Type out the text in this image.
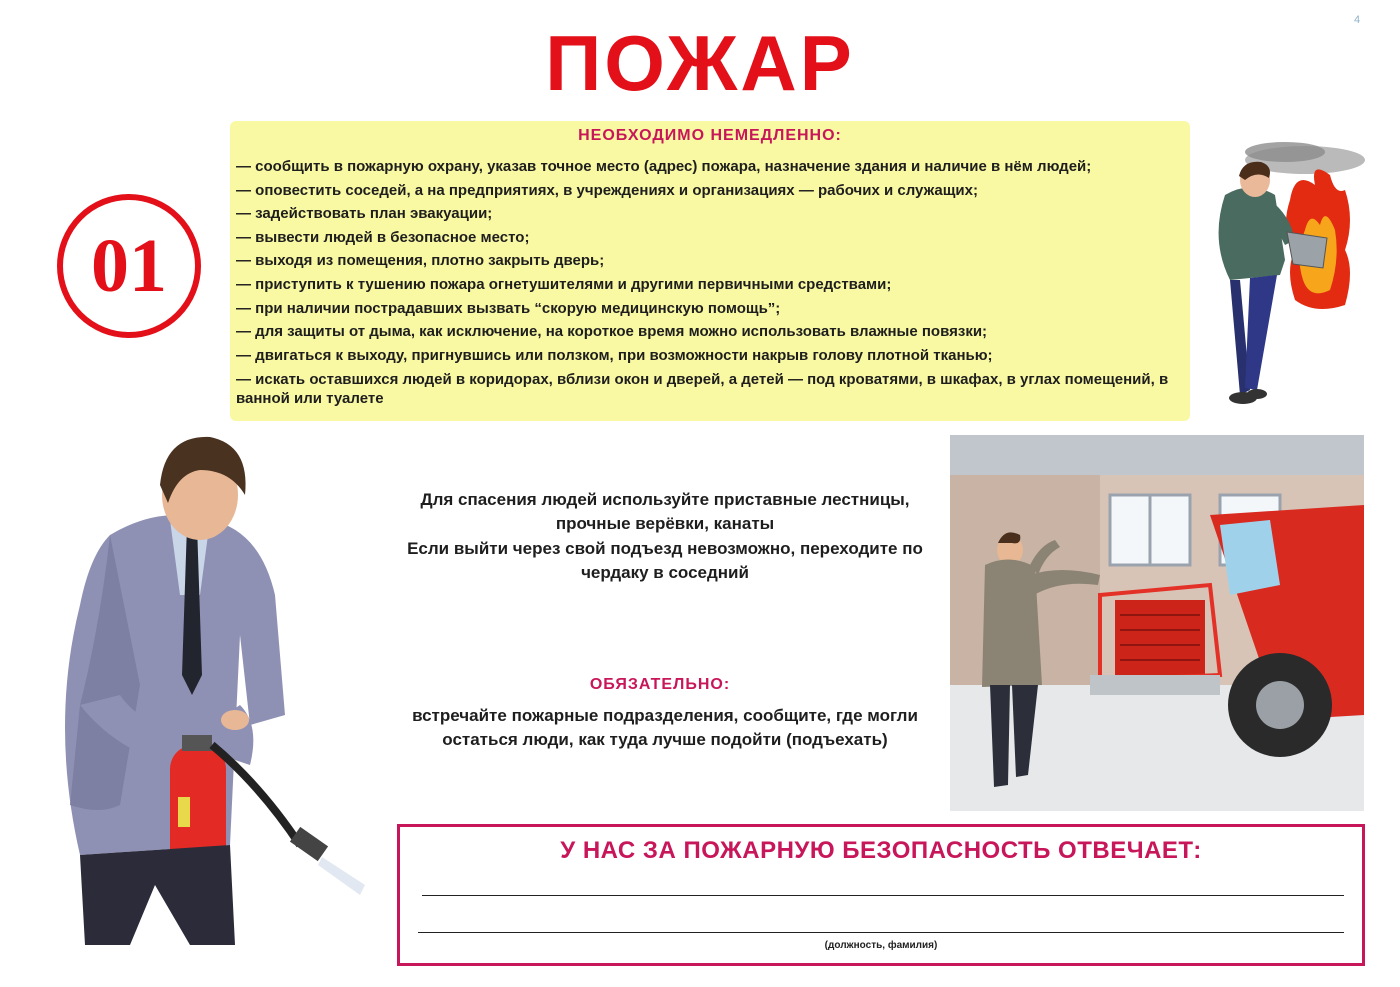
4
ПОЖАР
01
НЕОБХОДИМО НЕМЕДЛЕННО:
— сообщить в пожарную охрану, указав точное место (адрес) пожара, назначение здания и наличие в нём людей;
— оповестить соседей, а на предприятиях, в учреждениях и организациях — рабочих и служащих;
— задействовать план эвакуации;
— вывести людей в безопасное место;
— выходя из помещения, плотно закрыть дверь;
— приступить к тушению пожара огнетушителями и другими первичными средствами;
— при наличии пострадавших вызвать “скорую медицинскую помощь”;
— для защиты от дыма, как исключение, на короткое время можно использовать влажные повязки;
— двигаться к выходу, пригнувшись или ползком, при возможности накрыв голову плотной тканью;
— искать оставшихся людей в коридорах, вблизи окон и дверей, а детей — под кроватями, в шкафах, в углах помещений, в ванной или туалете
Для спасения людей используйте приставные лестницы, прочные верёвки, канаты
Если выйти через свой подъезд невозможно, переходите по чердаку в соседний
ОБЯЗАТЕЛЬНО:
встречайте пожарные подразделения, сообщите, где могли остаться люди, как туда лучше подойти (подъехать)
У НАС ЗА ПОЖАРНУЮ БЕЗОПАСНОСТЬ ОТВЕЧАЕТ:
(должность, фамилия)
